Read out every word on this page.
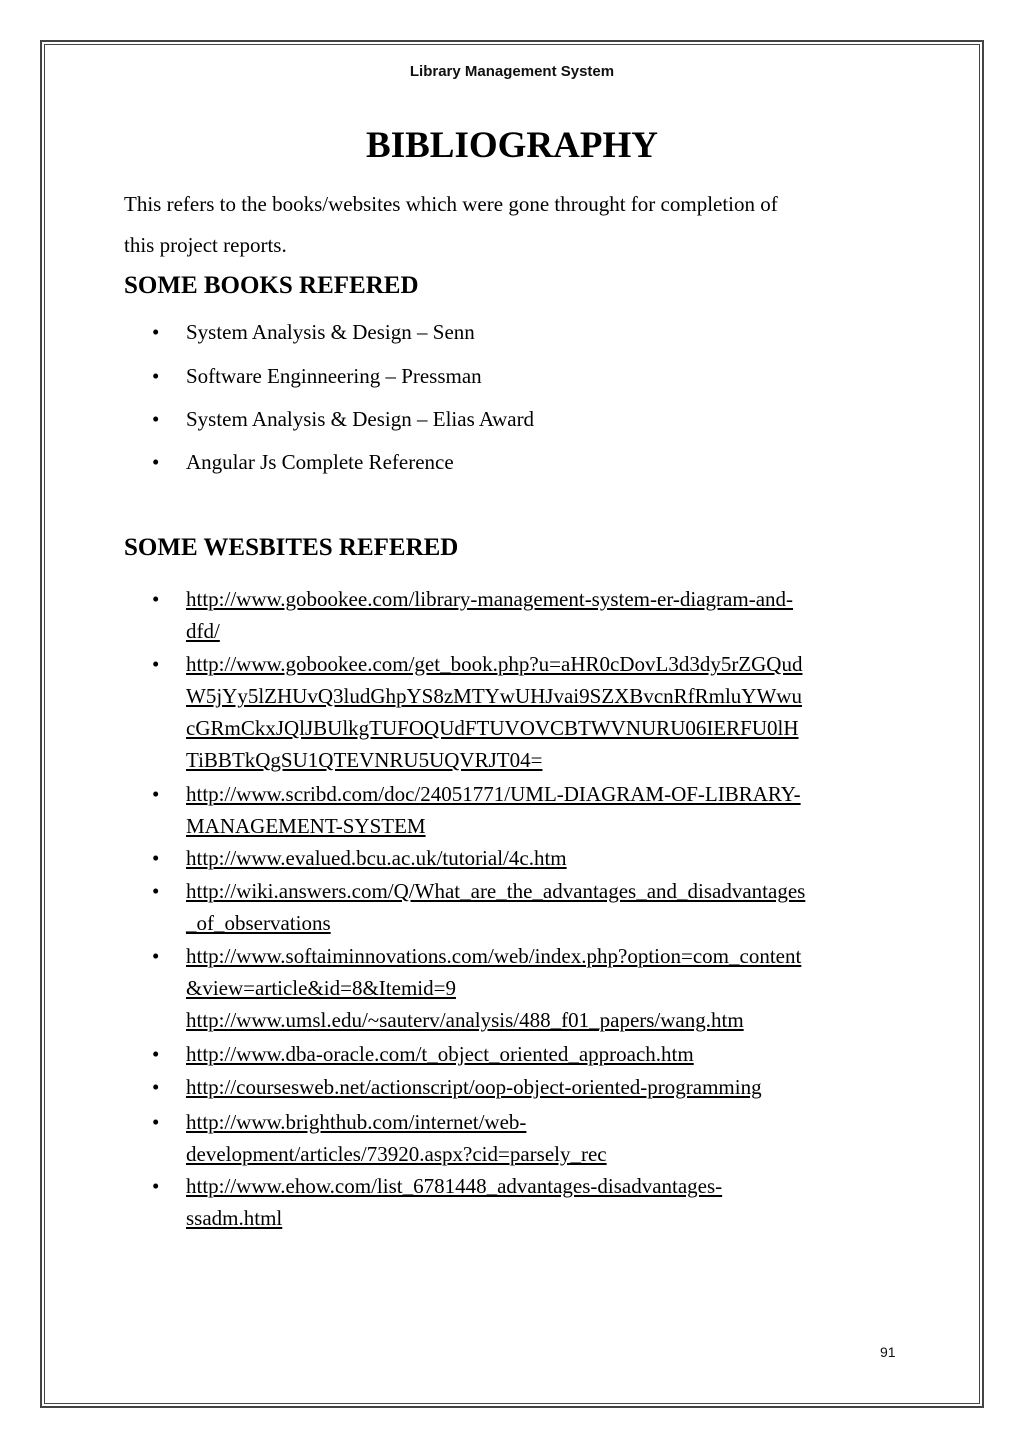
Library Management System
BIBLIOGRAPHY
This refers to the books/websites which were gone throught for completion of
this project reports.
SOME BOOKS REFERED
• System Analysis & Design – Senn
• Software Enginneering – Pressman
• System Analysis & Design – Elias Award
• Angular Js Complete Reference
SOME WESBITES REFERED
• http://www.gobookee.com/library-management-system-er-diagram-and-
dfd/
• http://www.gobookee.com/get_book.php?u=aHR0cDovL3d3dy5rZGQud
W5jYy5lZHUvQ3ludGhpYS8zMTYwUHJvai9SZXBvcnRfRmluYWwu
cGRmCkxJQlJBUlkgTUFOQUdFTUVOVCBTWVNURU06IERFU0lH
TiBBTkQgSU1QTEVNRU5UQVRJT04=
• http://www.scribd.com/doc/24051771/UML-DIAGRAM-OF-LIBRARY-
MANAGEMENT-SYSTEM
• http://www.evalued.bcu.ac.uk/tutorial/4c.htm
• http://wiki.answers.com/Q/What_are_the_advantages_and_disadvantages
_of_observations
• http://www.softaiminnovations.com/web/index.php?option=com_content
&view=article&id=8&Itemid=9
http://www.umsl.edu/~sauterv/analysis/488_f01_papers/wang.htm
• http://www.dba-oracle.com/t_object_oriented_approach.htm
• http://coursesweb.net/actionscript/oop-object-oriented-programming
• http://www.brighthub.com/internet/web-
development/articles/73920.aspx?cid=parsely_rec
• http://www.ehow.com/list_6781448_advantages-disadvantages-
ssadm.html
91
